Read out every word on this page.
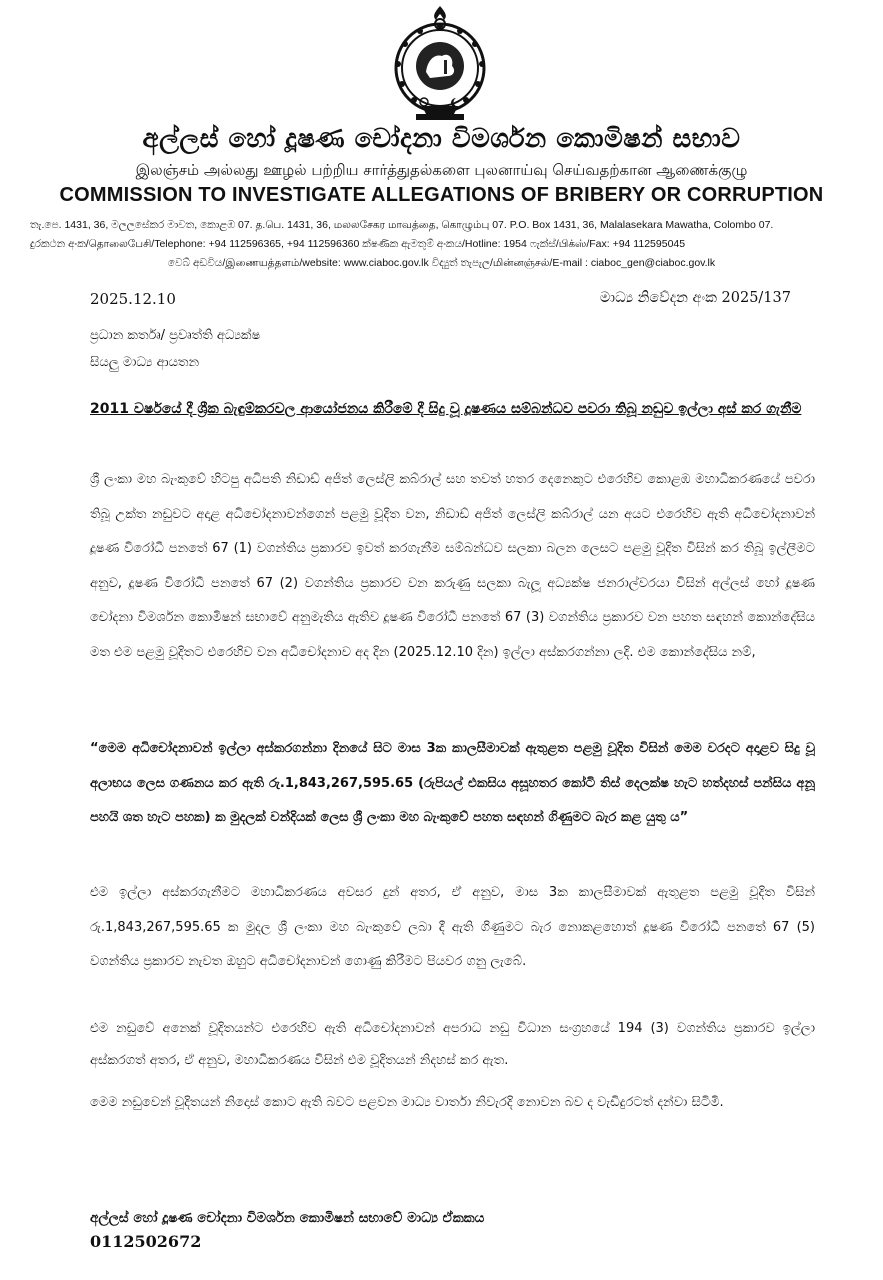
අල්ලස් හෝ දූෂණ චෝදනා විමර්ශන කොමිෂන් සභාව
இலஞ்சம் அல்லது ஊழல் பற்றிய சார்த்துதல்களை புலனாய்வு செய்வதற்கான ஆணைக்குழு
COMMISSION TO INVESTIGATE ALLEGATIONS OF BRIBERY OR CORRUPTION
තැ.පෙ. 1431, 36, මලලසේකර මාවත, කොළඹ 07. த.பெ. 1431, 36, மலலசேகர மாவத்தை, கொழும்பு 07. P.O. Box 1431, 36, Malalasekara Mawatha, Colombo 07.
දුරකථන අංක/தொலைபேசி/Telephone: +94 112596365, +94 112596360 ක්ෂණික ඇමතුම් අංකය/Hotline: 1954 ෆැක්ස්/பிக்ஸ்/Fax: +94 112595045
වෙබ් අඩවිය/இணையத்தளம்/website: www.ciaboc.gov.lk විද්‍යුත් තැපැල/மின்னஞ்சல்/E-mail : ciaboc_gen@ciaboc.gov.lk
2025.12.10	මාධ්‍ය නිවේදන අංක 2025/137
ප්‍රධාන කර්තෘ/ ප්‍රවෘත්ති අධ්‍යක්ෂ
සියලු මාධ්‍ය ආයතන
2011 වර්ෂයේ දී ශ්‍රීක බැඳුම්කරවල ආයෝජනය කිරීමේ දී සිදු වූ දූෂණය සම්බන්ධව පවරා තිබූ නඩුව ඉල්ලා අස් කර ගැනීම
ශ්‍රී ලංකා මහ බැංකුවේ හිටපු අධිපති නිඩාඩ් අජිත් ලෙස්ලි කබ්රාල් සහ තවත් හතර දෙනෙකුට එරෙහිව කොළඹ මහාධිකරණයේ පවරා තිබූ උක්ත නඩුවට අදාළ අධිචෝදනාවන්ගෙන් පළමු වූදිත වන, නිඩාඩ් අජිත් ලෙස්ලි කබ්රාල් යන අයට එරෙහිව ඇති අධිචෝදනාවන් දූෂණ විරෝධී පනතේ 67 (1) වගන්තිය ප්‍රකාරව ඉවත් කරගැනීම සම්බන්ධව සලකා බලන ලෙසට පළමු වූදිත විසින් කර තිබූ ඉල්ලීමට අනුව, දූෂණ විරෝධී පනතේ 67 (2) වගන්තිය ප්‍රකාරව වන කරුණු සලකා බැලූ අධ්‍යක්ෂ ජනරාල්වරයා විසින් අල්ලස් හෝ දූෂණ චෝදනා විමර්ශන කොමිෂන් සභාවේ අනුමැතිය ඇතිව දූෂණ විරෝධී පනතේ 67 (3) වගන්තිය ප්‍රකාරව වන පහත සඳහන් කොන්දේසිය මත එම පළමු වූදිතට එරෙහිව වන අධිචෝදනාව අද දින (2025.12.10 දින) ඉල්ලා අස්කරගන්නා ලදි. එම කොන්දේසිය නම්,
“මෙම අධිචෝදනාවන් ඉල්ලා අස්කරගන්නා දිනයේ සිට මාස 3ක කාලසීමාවක් ඇතුළත පළමු වූදිත විසින් මෙම වරදට අදාළව සිදු වූ අලාභය ලෙස ගණනය කර ඇති රු.1,843,267,595.65 (රුපියල් එකසිය අසූහතර කෝටි තිස් දෙලක්ෂ හැට හත්දහස් පන්සිය අනූ පහයි ශත හැට පහක) ක මුදලක් වන්දියක් ලෙස ශ්‍රී ලංකා මහ බැංකුවේ පහත සඳහන් ගිණුමට බැර කළ යුතු ය”
එම ඉල්ලා අස්කරගැනීමට මහාධිකරණය අවසර දුන් අතර, ඒ අනුව, මාස 3ක කාලසීමාවක් ඇතුළත පළමු වූදිත විසින් රු.1,843,267,595.65 ක මුදල ශ්‍රී ලංකා මහ බැංකුවේ ලබා දී ඇති ගිණුමට බැර නොකළහොත් දූෂණ විරෝධී පනතේ 67 (5) වගන්තිය ප්‍රකාරව නැවත ඔහුට අධිචෝදනාවන් ගොණු කිරීමට පියවර ගනු ලැබේ.
එම නඩුවේ අනෙක් වූදිතයන්ට එරෙහිව ඇති අධිචෝදනාවන් අපරාධ නඩු විධාන සංග්‍රහයේ 194 (3) වගන්තිය ප්‍රකාරව ඉල්ලා අස්කරගත් අතර, ඒ අනුව, මහාධිකරණය විසින් එම වූදිතයන් නිදහස් කර ඇත.
මෙම නඩුවෙන් වූදිතයන් නිදොස් කොට ඇති බවට පළවන මාධ්‍ය වාර්තා නිවැරදි නොවන බව ද වැඩිදුරටත් දන්වා සිටිමි.
අල්ලස් හෝ දූෂණ චෝදනා විමර්ශන කොමිෂන් සභාවේ මාධ්‍ය ඒකකය
0112502672
